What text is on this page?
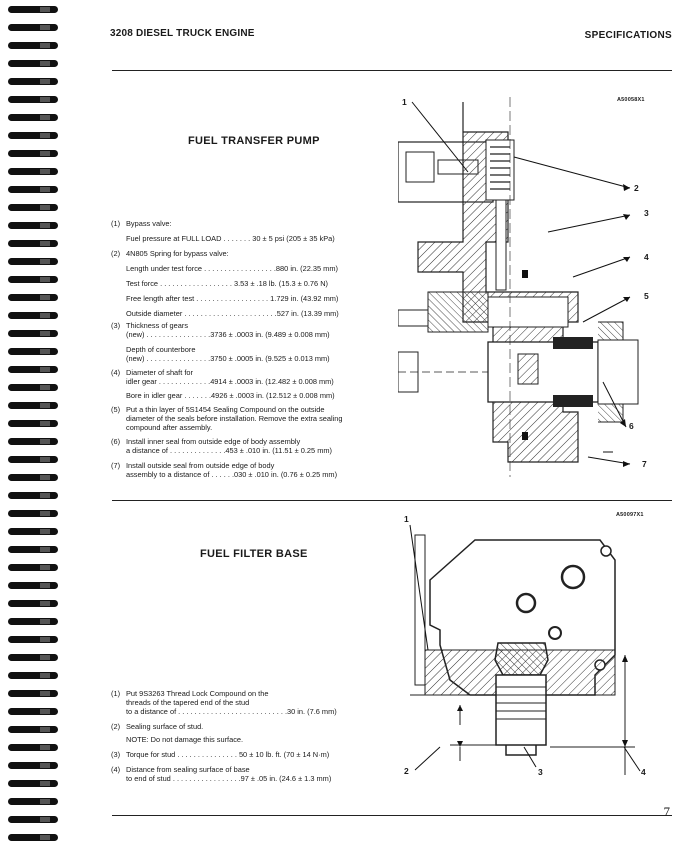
3208 DIESEL TRUCK ENGINE	SPECIFICATIONS
FUEL TRANSFER PUMP
(1) Bypass valve:
Fuel pressure at FULL LOAD . . . . . . . 30 ± 5 psi (205 ± 35 kPa)
(2) 4N805 Spring for bypass valve:
Length under test force . . . . . . . . . . . . . . . . . .880 in. (22.35 mm)
Test force . . . . . . . . . . . . . . . . . . 3.53 ± .18 lb. (15.3 ± 0.76 N)
Free length after test . . . . . . . . . . . . . . . . . . 1.729 in. (43.92 mm)
Outside diameter . . . . . . . . . . . . . . . . . . . . . . .527 in. (13.39 mm)
(3) Thickness of gears
(new) . . . . . . . . . . . . . . . .3736 ± .0003 in. (9.489 ± 0.008 mm)
Depth of counterbore
(new) . . . . . . . . . . . . . . . .3750 ± .0005 in. (9.525 ± 0.013 mm)
(4) Diameter of shaft for
idler gear . . . . . . . . . . . . .4914 ± .0003 in. (12.482 ± 0.008 mm)
Bore in idler gear . . . . . . .4926 ± .0003 in. (12.512 ± 0.008 mm)
(5) Put a thin layer of 5S1454 Sealing Compound on the outside
diameter of the seals before installation. Remove the extra sealing
compound after assembly.
(6) Install inner seal from outside edge of body assembly
a distance of . . . . . . . . . . . . . .453 ± .010 in. (11.51 ± 0.25 mm)
(7) Install outside seal from outside edge of body
assembly to a distance of . . . . . .030 ± .010 in. (0.76 ± 0.25 mm)
A50058X1
1
2
3
4
5
6
7
FUEL FILTER BASE
(1) Put 9S3263 Thread Lock Compound on the
threads of the tapered end of the stud
to a distance of . . . . . . . . . . . . . . . . . . . . . . . . . . .30 in. (7.6 mm)
(2) Sealing surface of stud.
NOTE: Do not damage this surface.
(3) Torque for stud . . . . . . . . . . . . . . . 50 ± 10 lb. ft. (70 ± 14 N·m)
(4) Distance from sealing surface of base
to end of stud . . . . . . . . . . . . . . . . .97 ± .05 in. (24.6 ± 1.3 mm)
A50097X1
1
2	3	4
7
